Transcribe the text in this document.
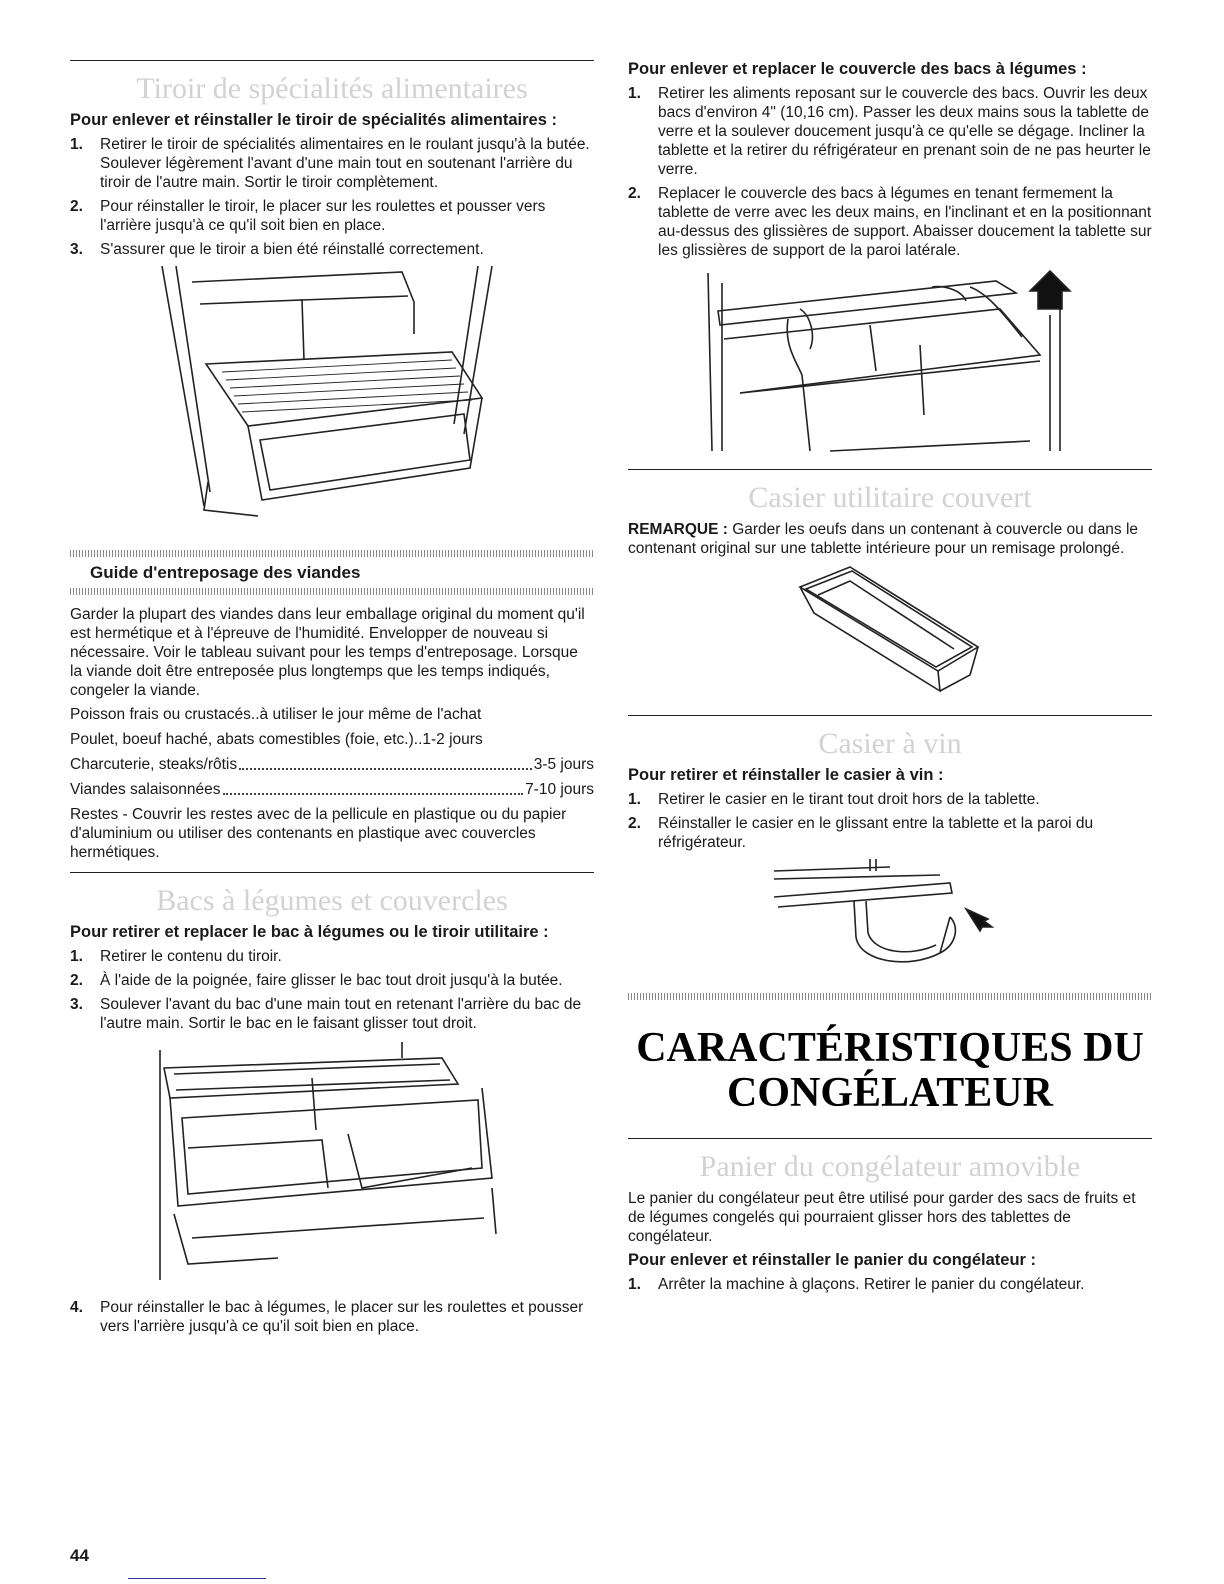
Tiroir de spécialités alimentaires
Pour enlever et réinstaller le tiroir de spécialités alimentaires :
1. Retirer le tiroir de spécialités alimentaires en le roulant jusqu'à la butée. Soulever légèrement l'avant d'une main tout en soutenant l'arrière du tiroir de l'autre main. Sortir le tiroir complètement.
2. Pour réinstaller le tiroir, le placer sur les roulettes et pousser vers l'arrière jusqu'à ce qu'il soit bien en place.
3. S'assurer que le tiroir a bien été réinstallé correctement.
Guide d'entreposage des viandes

Garder la plupart des viandes dans leur emballage original du moment qu'il est hermétique et à l'épreuve de l'humidité. Envelopper de nouveau si nécessaire. Voir le tableau suivant pour les temps d'entreposage. Lorsque la viande doit être entreposée plus longtemps que les temps indiqués, congeler la viande.

Poisson frais ou crustacés.. à utiliser le jour même de l'achat
Poulet, boeuf haché, abats comestibles (foie, etc.).. 1-2 jours
Charcuterie, steaks/rôtis	3-5 jours
Viandes salaisonnées	7-10 jours

Restes - Couvrir les restes avec de la pellicule en plastique ou du papier d'aluminium ou utiliser des contenants en plastique avec couvercles hermétiques.

Bacs à légumes et couvercles
Pour retirer et replacer le bac à légumes ou le tiroir utilitaire :
1. Retirer le contenu du tiroir.
2. À l'aide de la poignée, faire glisser le bac tout droit jusqu'à la butée.
3. Soulever l'avant du bac d'une main tout en retenant l'arrière du bac de l'autre main. Sortir le bac en le faisant glisser tout droit.
4. Pour réinstaller le bac à légumes, le placer sur les roulettes et pousser vers l'arrière jusqu'à ce qu'il soit bien en place.
Pour enlever et replacer le couvercle des bacs à légumes :
1. Retirer les aliments reposant sur le couvercle des bacs. Ouvrir les deux bacs d'environ 4" (10,16 cm). Passer les deux mains sous la tablette de verre et la soulever doucement jusqu'à ce qu'elle se dégage. Incliner la tablette et la retirer du réfrigérateur en prenant soin de ne pas heurter le verre.
2. Replacer le couvercle des bacs à légumes en tenant fermement la tablette de verre avec les deux mains, en l'inclinant et en la positionnant au-dessus des glissières de support. Abaisser doucement la tablette sur les glissières de support de la paroi latérale.
Casier utilitaire couvert

REMARQUE : Garder les oeufs dans un contenant à couvercle ou dans le contenant original sur une tablette intérieure pour un remisage prolongé.

Casier à vin
Pour retirer et réinstaller le casier à vin :
1. Retirer le casier en le tirant tout droit hors de la tablette.
2. Réinstaller le casier en le glissant entre la tablette et la paroi du réfrigérateur.
CARACTÉRISTIQUES DU
CONGÉLATEUR
Panier du congélateur amovible

Le panier du congélateur peut être utilisé pour garder des sacs de fruits et de légumes congelés qui pourraient glisser hors des tablettes de congélateur.

Pour enlever et réinstaller le panier du congélateur :
1. Arrêter la machine à glaçons. Retirer le panier du congélateur.
44
